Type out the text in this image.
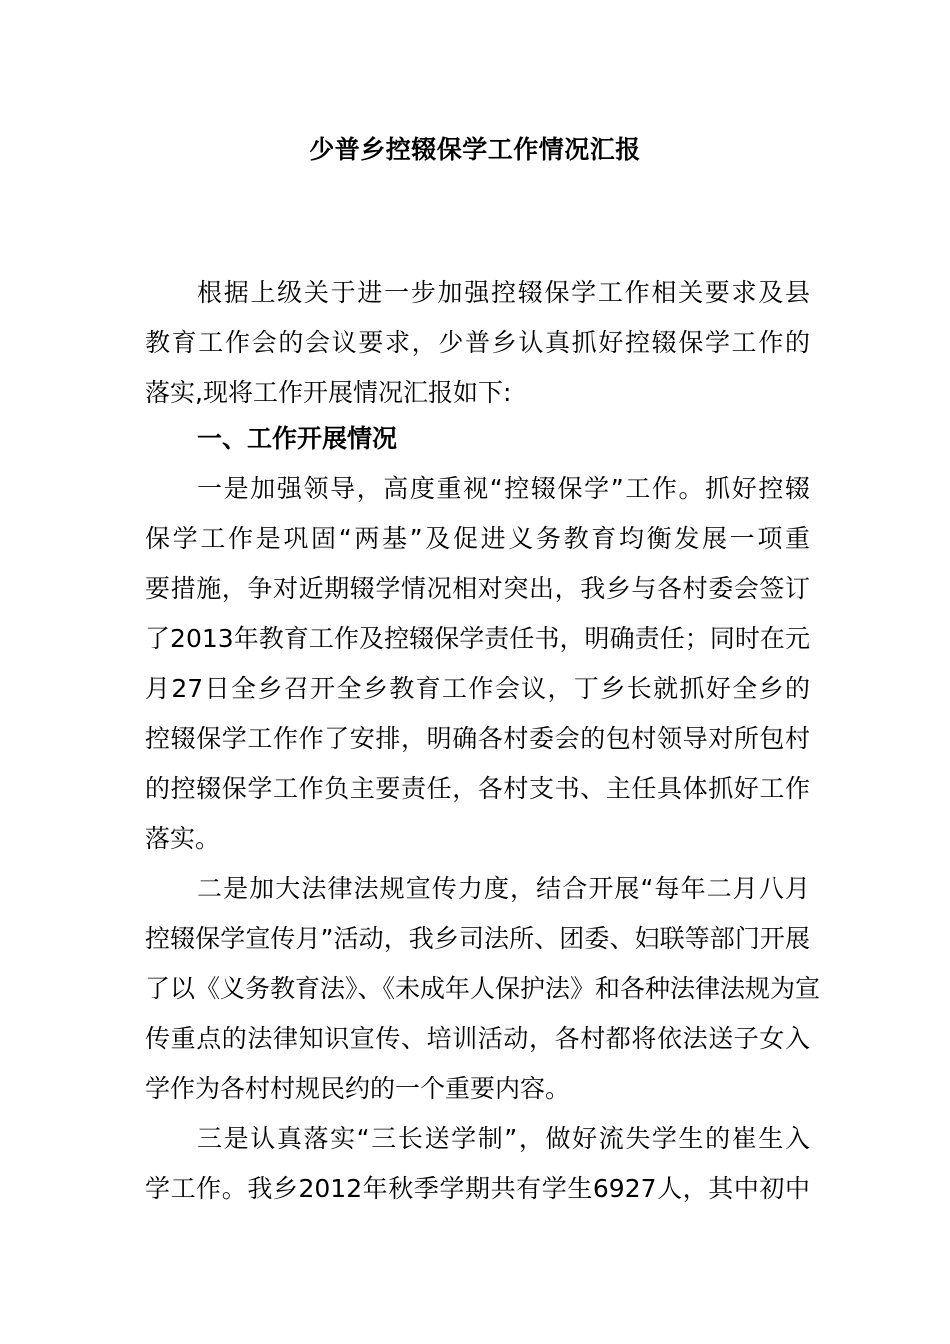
少普乡控辍保学工作情况汇报
根据上级关于进一步加强控辍保学工作相关要求及县
教育工作会的会议要求，少普乡认真抓好控辍保学工作的
落实,现将工作开展情况汇报如下:
一、工作开展情况
一是加强领导，高度重视“控辍保学”工作。抓好控辍
保学工作是巩固“两基”及促进义务教育均衡发展一项重
要措施，争对近期辍学情况相对突出，我乡与各村委会签订
了2013年教育工作及控辍保学责任书，明确责任；同时在元
月27日全乡召开全乡教育工作会议，丁乡长就抓好全乡的
控辍保学工作作了安排，明确各村委会的包村领导对所包村
的控辍保学工作负主要责任，各村支书、主任具体抓好工作
落实。
二是加大法律法规宣传力度，结合开展“每年二月八月
控辍保学宣传月”活动，我乡司法所、团委、妇联等部门开展
了以《义务教育法》、《未成年人保护法》和各种法律法规为宣
传重点的法律知识宣传、培训活动，各村都将依法送子女入
学作为各村村规民约的一个重要内容。
三是认真落实“三长送学制”，做好流失学生的崔生入
学工作。我乡2012年秋季学期共有学生6927人，其中初中
